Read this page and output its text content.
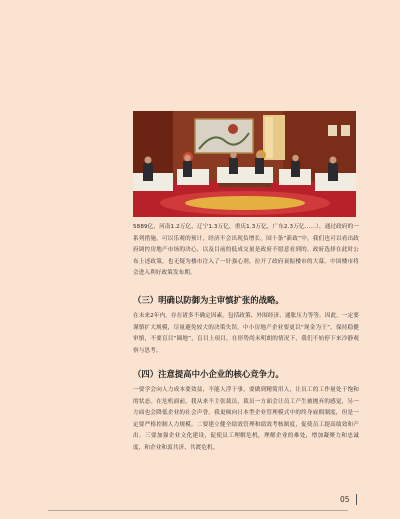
5889亿，河南1.2万亿，辽宁1.3万亿，重庆1.3万亿，广东2.3万亿……），通过政府的一系列措施，可以乐观的预计，经济不会出现负增长。国十条“新政”中，我们也可以看出政府调控房地产市场的决心，以及目前的低成交量是政府不愿意看到的。政府选择在此时公布上述政策，也无疑为楼市注入了一针强心剂，拉开了政府衰振楼市的大幕。中国楼市将会进入利好政策发布期。

（三）明确以防御为主审慎扩张的战略。

在未来2年内，存在诸多不确定因素，包括政策、外围经济、通胀压力等等。因此，一定要谨慎扩大规模，尽量避免较大的决策失误。中小房地产企业要更以“现金为王”，保持稳健审慎，不要盲目“圈地”，盲目上项目，在形势尚未明朗的情况下，我们不妨停下来冷静观察与思考。

（四）注意提高中小企业的核心竞争力。

一要学会向人力成本要效益，不能人浮于事，要做到精简用人，让员工的工作量处于饱和的状态。在危机面前，我从来不主张裁员，裁员一方面会让员工产生被抛弃的感觉，另一方面也会降低企业的社会声誉。我更倾向日本型企业管理模式中的终身雇佣制度，但是一定要严格控制人力规模。二要建立健全绩效管理和绩效考核制度，促使员工提高绩效和产出。三要加强企业文化建设，促使员工理解危机，理解企业的难处，增加凝聚力和忠诚度，和企业和衷共济、共渡危机。

05
